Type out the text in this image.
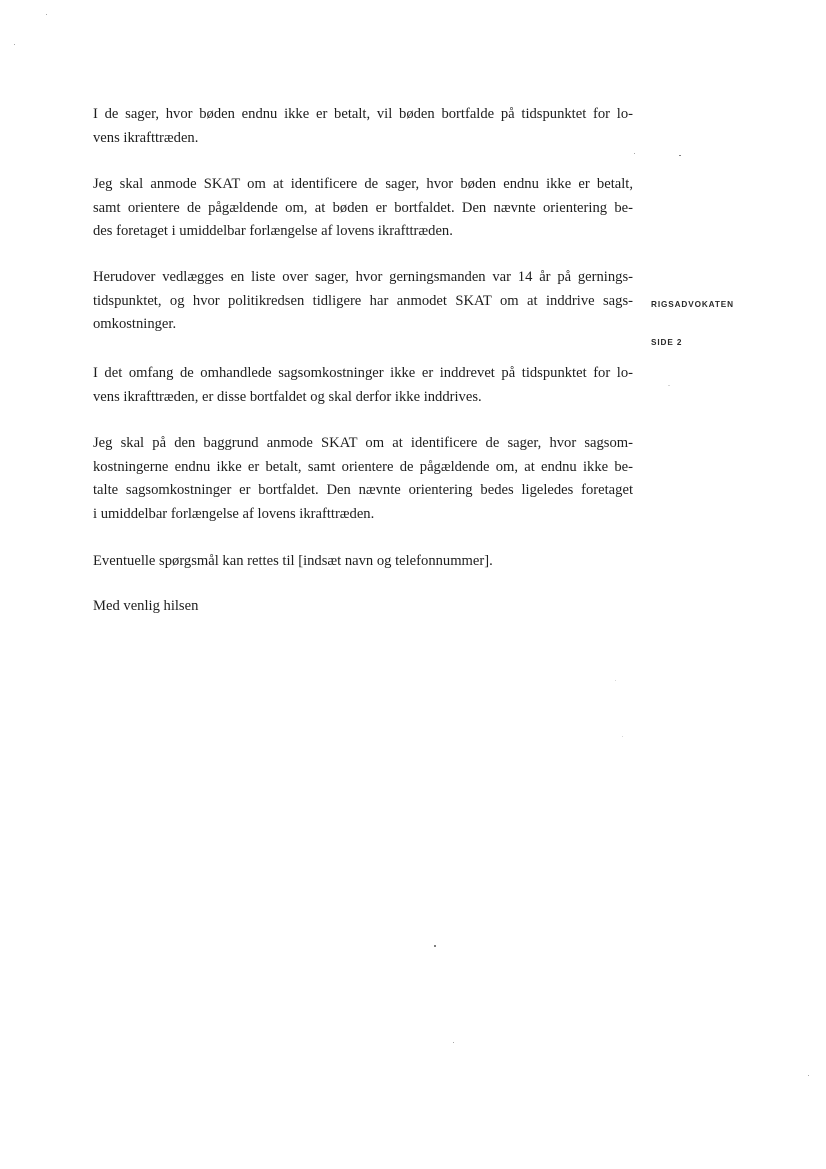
I de sager, hvor bøden endnu ikke er betalt, vil bøden bortfalde på tidspunktet for lo-
vens ikrafttræden.
Jeg skal anmode SKAT om at identificere de sager, hvor bøden endnu ikke er betalt,
samt orientere de pågældende om, at bøden er bortfaldet. Den nævnte orientering be-
des foretaget i umiddelbar forlængelse af lovens ikrafttræden.
Herudover vedlægges en liste over sager, hvor gerningsmanden var 14 år på gernings-
tidspunktet, og hvor politikredsen tidligere har anmodet SKAT om at inddrive sags-
omkostninger.
I det omfang de omhandlede sagsomkostninger ikke er inddrevet på tidspunktet for lo-
vens ikrafttræden, er disse bortfaldet og skal derfor ikke inddrives.
Jeg skal på den baggrund anmode SKAT om at identificere de sager, hvor sagsom-
kostningerne endnu ikke er betalt, samt orientere de pågældende om, at endnu ikke be-
talte sagsomkostninger er bortfaldet. Den nævnte orientering bedes ligeledes foretaget
i umiddelbar forlængelse af lovens ikrafttræden.
Eventuelle spørgsmål kan rettes til [indsæt navn og telefonnummer].
Med venlig hilsen
RIGSADVOKATEN
SIDE 2
